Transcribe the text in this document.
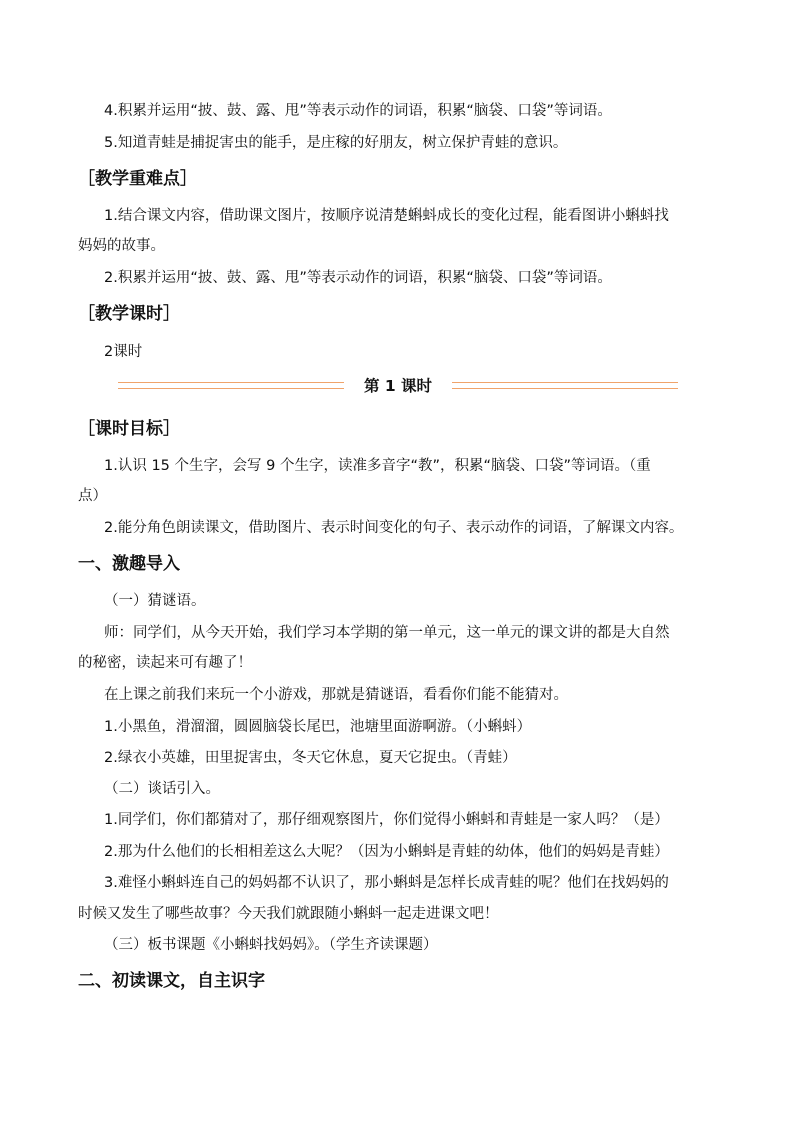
4.积累并运用“披、鼓、露、甩”等表示动作的词语，积累“脑袋、口袋”等词语。

5.知道青蛙是捕捉害虫的能手，是庄稼的好朋友，树立保护青蛙的意识。

［教学重难点］

1.结合课文内容，借助课文图片，按顺序说清楚蝌蚪成长的变化过程，能看图讲小蝌蚪找

妈妈的故事。

2.积累并运用“披、鼓、露、甩”等表示动作的词语，积累“脑袋、口袋”等词语。

［教学课时］

2课时

第 1 课时
［课时目标］

1.认识 15 个生字，会写 9 个生字，读准多音字“教”，积累“脑袋、口袋”等词语。（重

点）

2.能分角色朗读课文，借助图片、表示时间变化的句子、表示动作的词语，了解课文内容。

一、激趣导入

（一）猜谜语。

师：同学们，从今天开始，我们学习本学期的第一单元，这一单元的课文讲的都是大自然

的秘密，读起来可有趣了！

在上课之前我们来玩一个小游戏，那就是猜谜语，看看你们能不能猜对。

1.小黑鱼，滑溜溜，圆圆脑袋长尾巴，池塘里面游啊游。（小蝌蚪）

2.绿衣小英雄，田里捉害虫，冬天它休息，夏天它捉虫。（青蛙）

（二）谈话引入。

1.同学们，你们都猜对了，那仔细观察图片，你们觉得小蝌蚪和青蛙是一家人吗？（是）

2.那为什么他们的长相相差这么大呢？（因为小蝌蚪是青蛙的幼体，他们的妈妈是青蛙）

3.难怪小蝌蚪连自己的妈妈都不认识了，那小蝌蚪是怎样长成青蛙的呢？他们在找妈妈的

时候又发生了哪些故事？今天我们就跟随小蝌蚪一起走进课文吧！

（三）板书课题《小蝌蚪找妈妈》。（学生齐读课题）

二、初读课文，自主识字
